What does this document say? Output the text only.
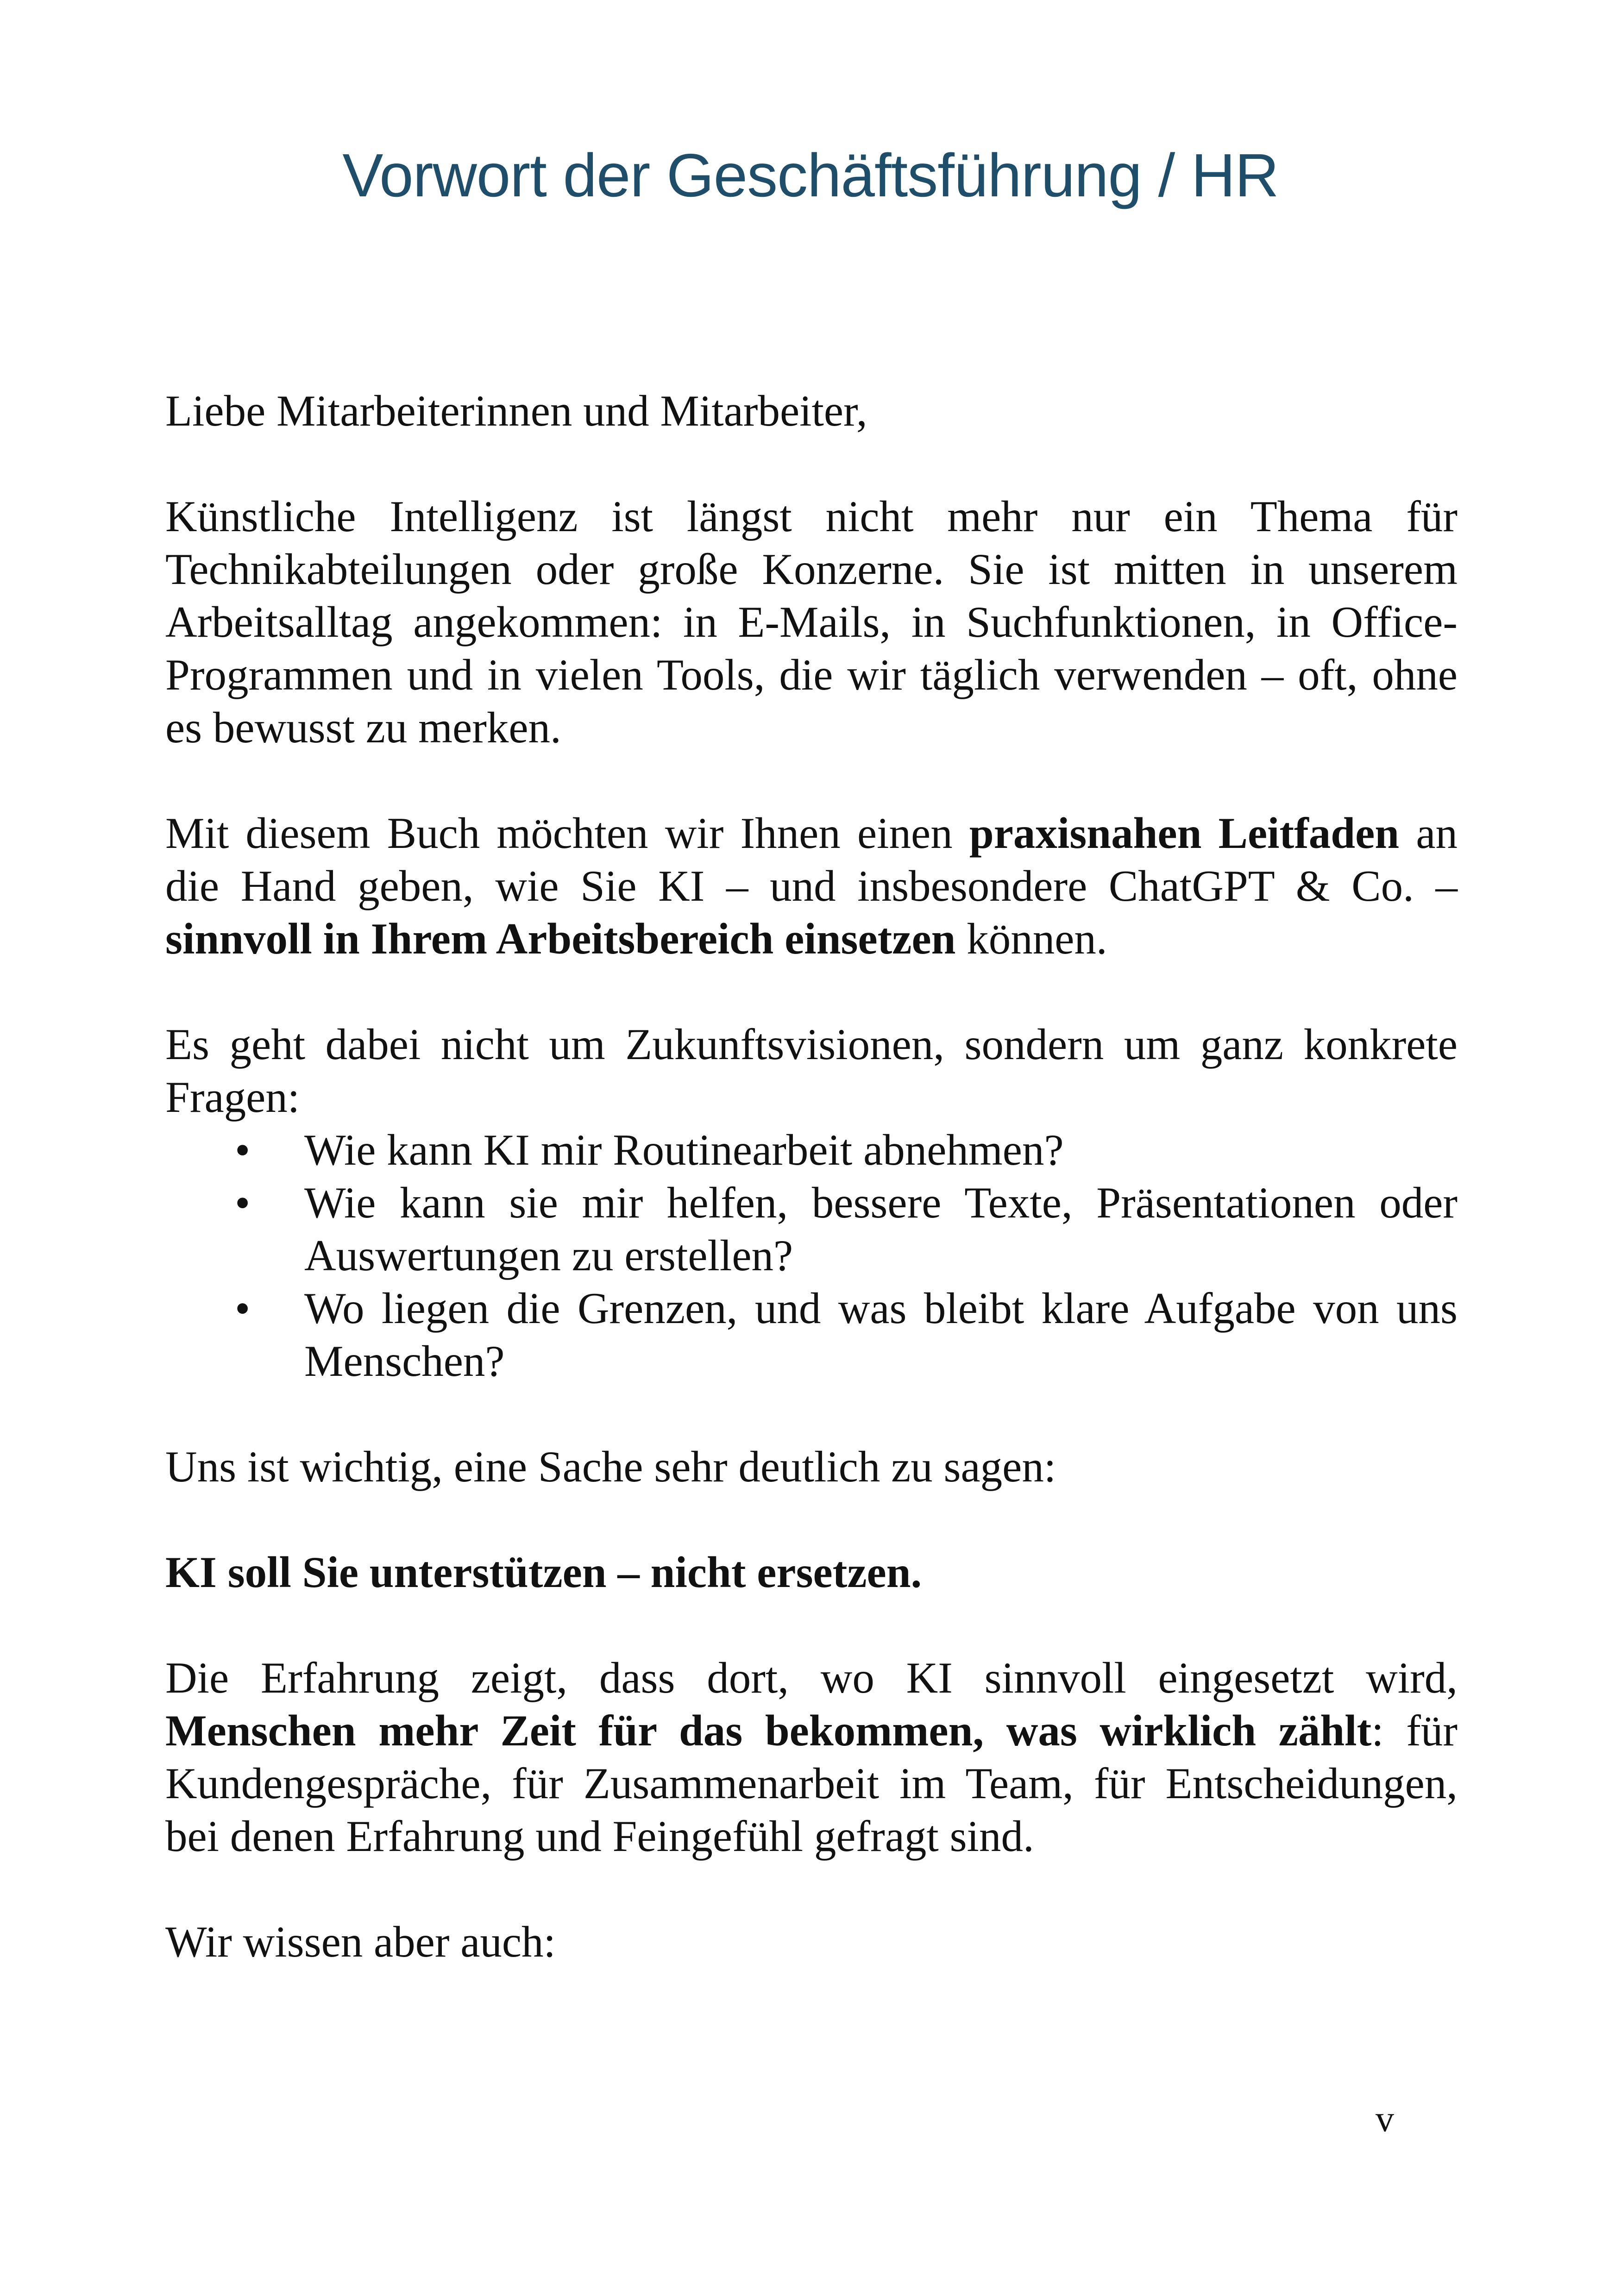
Vorwort der Geschäftsführung / HR

Liebe Mitarbeiterinnen und Mitarbeiter,

Künstliche Intelligenz ist längst nicht mehr nur ein Thema für Technikabteilungen oder große Konzerne. Sie ist mitten in unserem Arbeitsalltag angekommen: in E-Mails, in Suchfunktionen, in Office-Programmen und in vielen Tools, die wir täglich verwenden – oft, ohne es bewusst zu merken.

Mit diesem Buch möchten wir Ihnen einen praxisnahen Leitfaden an die Hand geben, wie Sie KI – und insbesondere ChatGPT & Co. – sinnvoll in Ihrem Arbeitsbereich einsetzen können.

Es geht dabei nicht um Zukunftsvisionen, sondern um ganz konkrete Fragen:

• Wie kann KI mir Routinearbeit abnehmen?
• Wie kann sie mir helfen, bessere Texte, Präsentationen oder Auswertungen zu erstellen?
• Wo liegen die Grenzen, und was bleibt klare Aufgabe von uns Menschen?

Uns ist wichtig, eine Sache sehr deutlich zu sagen:

KI soll Sie unterstützen – nicht ersetzen.

Die Erfahrung zeigt, dass dort, wo KI sinnvoll eingesetzt wird, Menschen mehr Zeit für das bekommen, was wirklich zählt: für Kundengespräche, für Zusammenarbeit im Team, für Entscheidungen, bei denen Erfahrung und Feingefühl gefragt sind.

Wir wissen aber auch:

v
